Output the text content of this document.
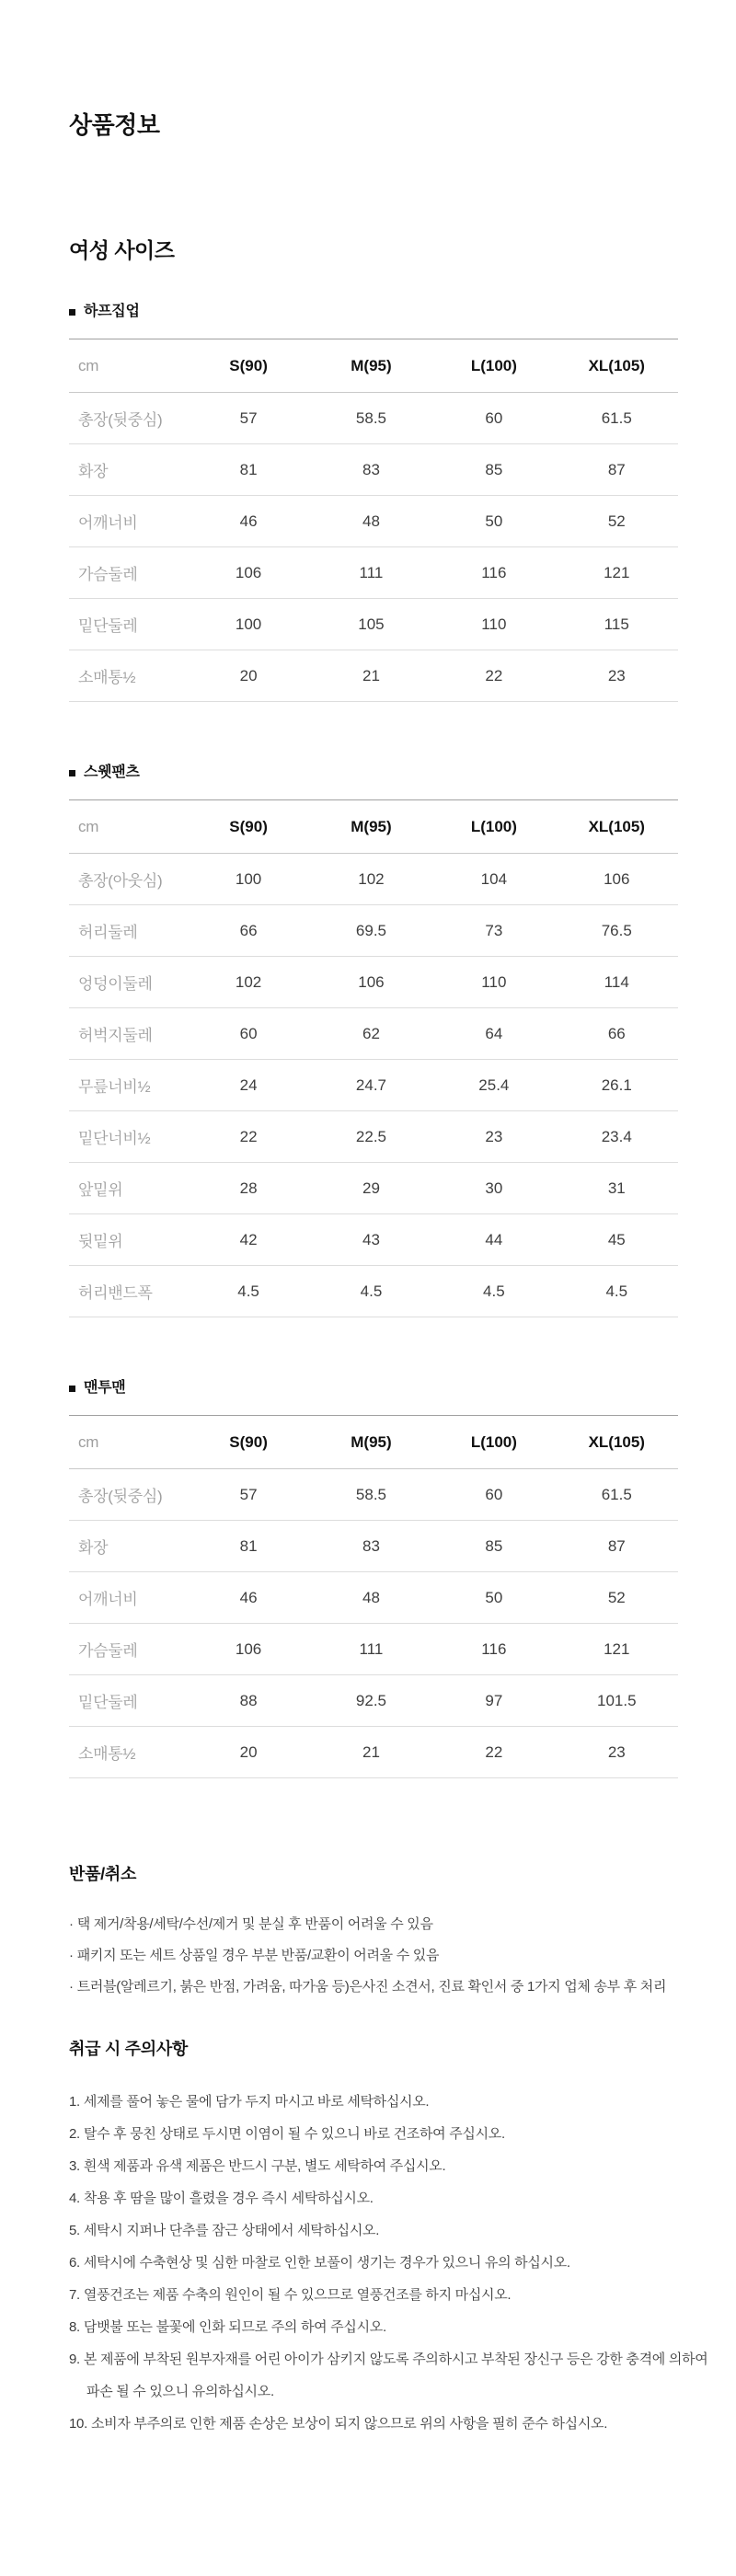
상품정보
여성 사이즈
하프집업
cm	S(90)	M(95)	L(100)	XL(105)
총장(뒷중심)	57	58.5	60	61.5
화장	81	83	85	87
어깨너비	46	48	50	52
가슴둘레	106	111	116	121
밑단둘레	100	105	110	115
소매통½	20	21	22	23
스웻팬츠
cm	S(90)	M(95)	L(100)	XL(105)
총장(아웃심)	100	102	104	106
허리둘레	66	69.5	73	76.5
엉덩이둘레	102	106	110	114
허벅지둘레	60	62	64	66
무릎너비½	24	24.7	25.4	26.1
밑단너비½	22	22.5	23	23.4
앞밑위	28	29	30	31
뒷밑위	42	43	44	45
허리밴드폭	4.5	4.5	4.5	4.5
맨투맨
cm	S(90)	M(95)	L(100)	XL(105)
총장(뒷중심)	57	58.5	60	61.5
화장	81	83	85	87
어깨너비	46	48	50	52
가슴둘레	106	111	116	121
밑단둘레	88	92.5	97	101.5
소매통½	20	21	22	23
반품/취소
· 택 제거/착용/세탁/수선/제거 및 분실 후 반품이 어려울 수 있음
· 패키지 또는 세트 상품일 경우 부분 반품/교환이 어려울 수 있음
· 트러블(알레르기, 붉은 반점, 가려움, 따가움 등)은사진 소견서, 진료 확인서 중 1가지 업체 송부 후 처리
취급 시 주의사항
1. 세제를 풀어 놓은 물에 담가 두지 마시고 바로 세탁하십시오.
2. 탈수 후 뭉친 상태로 두시면 이염이 될 수 있으니 바로 건조하여 주십시오.
3. 흰색 제품과 유색 제품은 반드시 구분, 별도 세탁하여 주십시오.
4. 착용 후 땀을 많이 흘렸을 경우 즉시 세탁하십시오.
5. 세탁시 지퍼나 단추를 잠근 상태에서 세탁하십시오.
6. 세탁시에 수축현상 및 심한 마찰로 인한 보풀이 생기는 경우가 있으니 유의 하십시오.
7. 열풍건조는 제품 수축의 원인이 될 수 있으므로 열풍건조를 하지 마십시오.
8. 담뱃불 또는 불꽃에 인화 되므로 주의 하여 주십시오.
9. 본 제품에 부착된 원부자재를 어린 아이가 삼키지 않도록 주의하시고 부착된 장신구 등은 강한 충격에 의하여 파손 될 수 있으니 유의하십시오.
10. 소비자 부주의로 인한 제품 손상은 보상이 되지 않으므로 위의 사항을 필히 준수 하십시오.
